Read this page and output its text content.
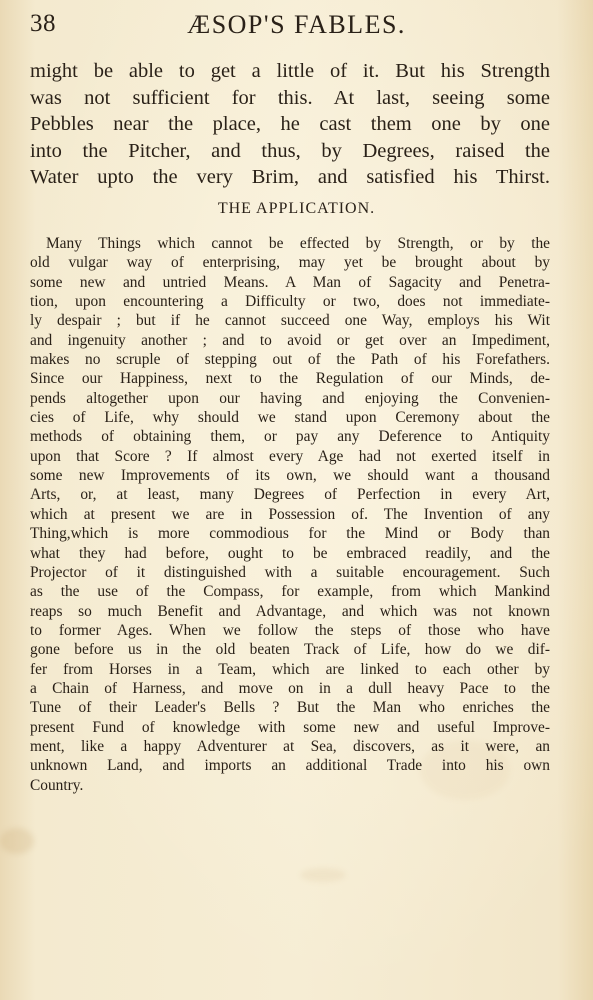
38	ÆSOP'S FABLES.
might be able to get a little of it. But his Strength
was not sufficient for this. At last, seeing some
Pebbles near the place, he cast them one by one
into the Pitcher, and thus, by Degrees, raised the
Water upto the very Brim, and satisfied his Thirst.
THE APPLICATION.
Many Things which cannot be effected by Strength, or by the
old vulgar way of enterprising, may yet be brought about by
some new and untried Means. A Man of Sagacity and Penetra-
tion, upon encountering a Difficulty or two, does not immediate-
ly despair ; but if he cannot succeed one Way, employs his Wit
and ingenuity another ; and to avoid or get over an Impediment,
makes no scruple of stepping out of the Path of his Forefathers.
Since our Happiness, next to the Regulation of our Minds, de-
pends altogether upon our having and enjoying the Convenien-
cies of Life, why should we stand upon Ceremony about the
methods of obtaining them, or pay any Deference to Antiquity
upon that Score ? If almost every Age had not exerted itself in
some new Improvements of its own, we should want a thousand
Arts, or, at least, many Degrees of Perfection in every Art,
which at present we are in Possession of. The Invention of any
Thing,which is more commodious for the Mind or Body than
what they had before, ought to be embraced readily, and the
Projector of it distinguished with a suitable encouragement. Such
as the use of the Compass, for example, from which Mankind
reaps so much Benefit and Advantage, and which was not known
to former Ages. When we follow the steps of those who have
gone before us in the old beaten Track of Life, how do we dif-
fer from Horses in a Team, which are linked to each other by
a Chain of Harness, and move on in a dull heavy Pace to the
Tune of their Leader's Bells ? But the Man who enriches the
present Fund of knowledge with some new and useful Improve-
ment, like a happy Adventurer at Sea, discovers, as it were, an
unknown Land, and imports an additional Trade into his own
Country.
